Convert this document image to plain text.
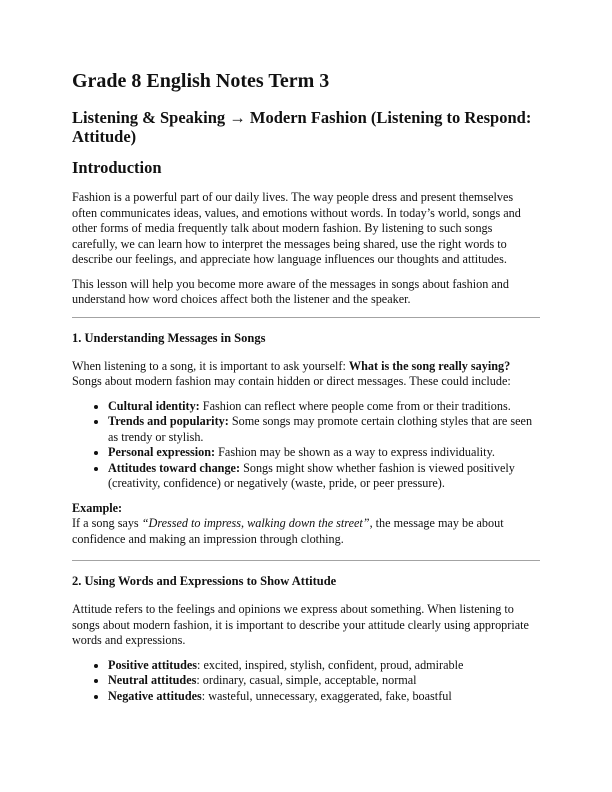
Grade 8 English Notes Term 3
Listening & Speaking → Modern Fashion (Listening to Respond: Attitude)
Introduction

Fashion is a powerful part of our daily lives. The way people dress and present themselves often communicates ideas, values, and emotions without words. In today’s world, songs and other forms of media frequently talk about modern fashion. By listening to such songs carefully, we can learn how to interpret the messages being shared, use the right words to describe our feelings, and appreciate how language influences our thoughts and attitudes.

This lesson will help you become more aware of the messages in songs about fashion and understand how word choices affect both the listener and the speaker.

1. Understanding Messages in Songs

When listening to a song, it is important to ask yourself: What is the song really saying? Songs about modern fashion may contain hidden or direct messages. These could include:

• Cultural identity: Fashion can reflect where people come from or their traditions.
• Trends and popularity: Some songs may promote certain clothing styles that are seen as trendy or stylish.
• Personal expression: Fashion may be shown as a way to express individuality.
• Attitudes toward change: Songs might show whether fashion is viewed positively (creativity, confidence) or negatively (waste, pride, or peer pressure).

Example:

If a song says “Dressed to impress, walking down the street”, the message may be about confidence and making an impression through clothing.

2. Using Words and Expressions to Show Attitude

Attitude refers to the feelings and opinions we express about something. When listening to songs about modern fashion, it is important to describe your attitude clearly using appropriate words and expressions.

• Positive attitudes: excited, inspired, stylish, confident, proud, admirable
• Neutral attitudes: ordinary, casual, simple, acceptable, normal
• Negative attitudes: wasteful, unnecessary, exaggerated, fake, boastful
